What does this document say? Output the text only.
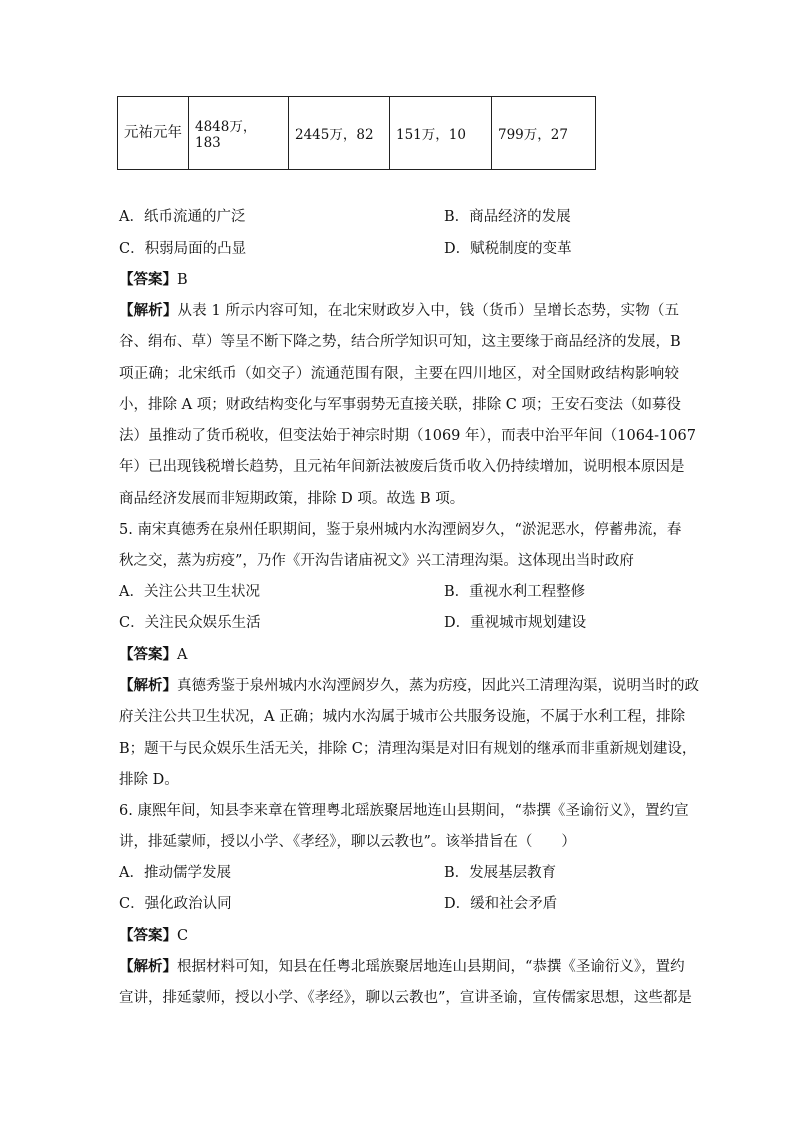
元祐元年	4848万，183	2445万，82	151万，10	799万，27
A．纸币流通的广泛	B．商品经济的发展
C．积弱局面的凸显	D．赋税制度的变革
【答案】B
【解析】从表 1 所示内容可知，在北宋财政岁入中，钱（货币）呈增长态势，实物（五
谷、绢布、草）等呈不断下降之势，结合所学知识可知，这主要缘于商品经济的发展，B
项正确；北宋纸币（如交子）流通范围有限，主要在四川地区，对全国财政结构影响较
小，排除 A 项；财政结构变化与军事弱势无直接关联，排除 C 项；王安石变法（如募役
法）虽推动了货币税收，但变法始于神宗时期（1069 年），而表中治平年间（1064-1067
年）已出现钱税增长趋势，且元祐年间新法被废后货币收入仍持续增加，说明根本原因是
商品经济发展而非短期政策，排除 D 项。故选 B 项。
5. 南宋真德秀在泉州任职期间，鉴于泉州城内水沟湮阏岁久，“淤泥恶水，停蓄弗流，春
秋之交，蒸为疠疫”，乃作《开沟告诸庙祝文》兴工清理沟渠。这体现出当时政府
A．关注公共卫生状况	B．重视水利工程整修
C．关注民众娱乐生活	D．重视城市规划建设
【答案】A
【解析】真德秀鉴于泉州城内水沟湮阏岁久，蒸为疠疫，因此兴工清理沟渠，说明当时的政
府关注公共卫生状况，A 正确；城内水沟属于城市公共服务设施，不属于水利工程，排除
B；题干与民众娱乐生活无关，排除 C；清理沟渠是对旧有规划的继承而非重新规划建设，
排除 D。
6. 康熙年间，知县李来章在管理粤北瑶族聚居地连山县期间，“恭撰《圣谕衍义》，置约宣
讲，排延蒙师，授以小学、《孝经》，聊以云教也”。该举措旨在（　　）
A．推动儒学发展	B．发展基层教育
C．强化政治认同	D．缓和社会矛盾
【答案】C
【解析】根据材料可知，知县在任粤北瑶族聚居地连山县期间，“恭撰《圣谕衍义》，置约
宣讲，排延蒙师，授以小学、《孝经》，聊以云教也”，宣讲圣谕，宣传儒家思想，这些都是
